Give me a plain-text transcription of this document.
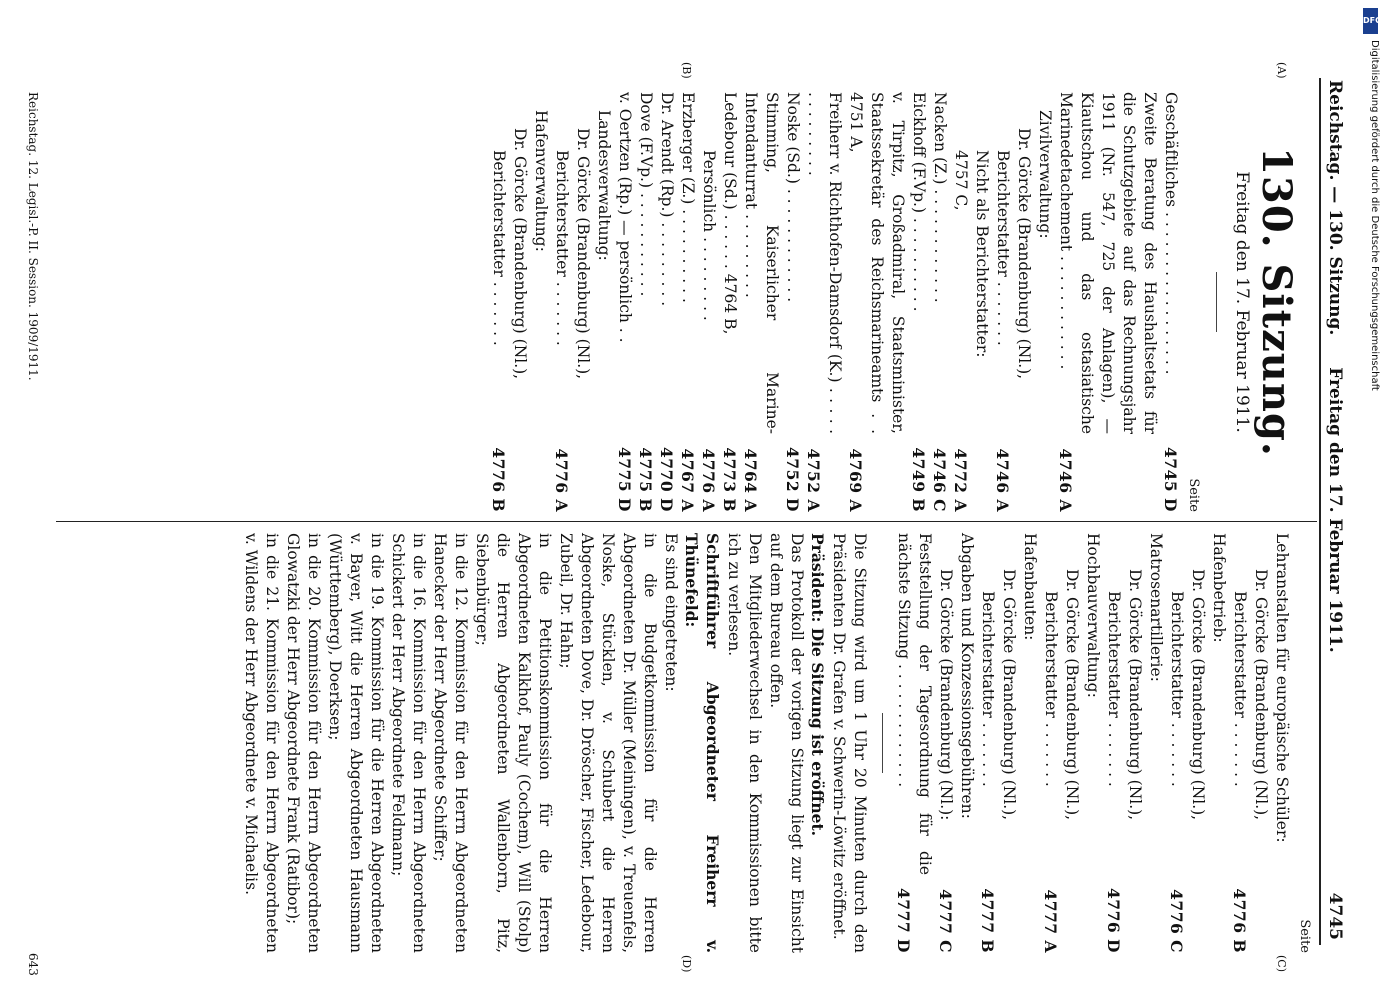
Reichstag. — 130. Sitzung.
Freitag den 17. Februar 1911.
4745
(A)
(B)
(C)
(D)
130. Sitzung.
Freitag den 17. Februar 1911.
Seite
Geschäftliches . . . . . . . . . . . . . . . . .
4745 D
Zweite Beratung des Haushaltsetats für die Schutzgebiete auf das Rechnungsjahr 1911 (Nr. 547, 725 der Anlagen), — Kiautschou und das ostasiatische Marinedetachement . . . . . . . . . . . .
4746 A
Zivilverwaltung:
Dr. Görcke (Brandenburg) (Nl.),
Berichterstatter . . . . . . .
4746 A
Nicht als Berichterstatter:
4757 C,
4772 A
Nacken (Z.) . . . . . . . . . . . .
4746 C
Eickhoff (F.Vp.) . . . . . . . . . .
4749 B
v. Tirpitz, Großadmiral, Staatsminister, Staatssekretär des Reichsmarineamts . . 4751 A,
4769 A
Freiherr v. Richthofen-Damsdorf (K.) . . . . . . . . . . . . . .
4752 A
Noske (Sd.) . . . . . . . . . . . .
4752 D
Stimming, Kaiserlicher Marine-Intendanturrat . . . . . . . . .
4764 A
Ledebour (Sd.) . . . . . . 4764 B,
4773 B
Persönlich . . . . . . . . .
4776 A
Erzberger (Z.) . . . . . . . . . .
4767 A
Dr. Arendt (Rp.) . . . . . . . . .
4770 D
Dove (F.Vp.) . . . . . . . . . . .
4775 B
v. Oertzen (Rp.) — persönlich . .
4775 D
Landesverwaltung:
Dr. Görcke (Brandenburg) (Nl.),
Berichterstatter . . . . . . .
4776 A
Hafenverwaltung:
Dr. Görcke (Brandenburg) (Nl.),
Berichterstatter . . . . . . .
4776 B
Seite
Lehranstalten für europäische Schüler:
Dr. Görcke (Brandenburg) (Nl.),
Berichterstatter . . . . . . .
4776 B
Hafenbetrieb:
Dr. Görcke (Brandenburg) (Nl.),
Berichterstatter . . . . . . .
4776 C
Matrosenartillerie:
Dr. Görcke (Brandenburg) (Nl.),
Berichterstatter . . . . . . .
4776 D
Hochbauverwaltung:
Dr. Görcke (Brandenburg) (Nl.),
Berichterstatter . . . . . . .
4777 A
Hafenbauten:
Dr. Görcke (Brandenburg) (Nl.),
Berichterstatter . . . . . . .
4777 B
Abgaben und Konzessionsgebühren:
Dr. Görcke (Brandenburg) (Nl.):
4777 C
Feststellung der Tagesordnung für die nächste Sitzung . . . . . . . . . . . . .
4777 D

Die Sitzung wird um 1 Uhr 20 Minuten durch den Präsidenten Dr. Grafen v. Schwerin-Löwitz eröffnet.

Präsident: Die Sitzung ist eröffnet.

Das Protokoll der vorigen Sitzung liegt zur Einsicht auf dem Bureau offen.

Den Mitgliederwechsel in den Kommissionen bitte ich zu verlesen.

Schriftführer Abgeordneter Freiherr v. Thünefeld:

Es sind eingetreten:

in die Budgetkommission für die Herren Abgeordneten Dr. Müller (Meiningen), v. Treuenfels, Noske, Stücklen, v. Schubert die Herren Abgeordneten Dove, Dr. Dröscher, Fischer, Ledebour, Zubeil, Dr. Hahn;

in die Petitionskommission für die Herren Abgeordneten Kalkhof, Pauly (Cochem), Will (Stolp) die Herren Abgeordneten Wallenborn, Pitz, Siebenbürger;

in die 12. Kommission für den Herrn Abgeordneten Hanecker der Herr Abgeordnete Schiffer;

in die 16. Kommission für den Herrn Abgeordneten Schickert der Herr Abgeordnete Feldmann;

in die 19. Kommission für die Herren Abgeordneten v. Bayer, Witt die Herren Abgeordneten Hausmann (Württemberg), Doerksen;

in die 20. Kommission für den Herrn Abgeordneten Glowatzki der Herr Abgeordnete Frank (Ratibor);

in die 21. Kommission für den Herrn Abgeordneten v. Wildens der Herr Abgeordnete v. Michaelis.

Reichstag. 12. Legisl.-P. II. Session. 1909/1911.
643
DFG
Digitalisierung gefördert durch die Deutsche Forschungsgemeinschaft
